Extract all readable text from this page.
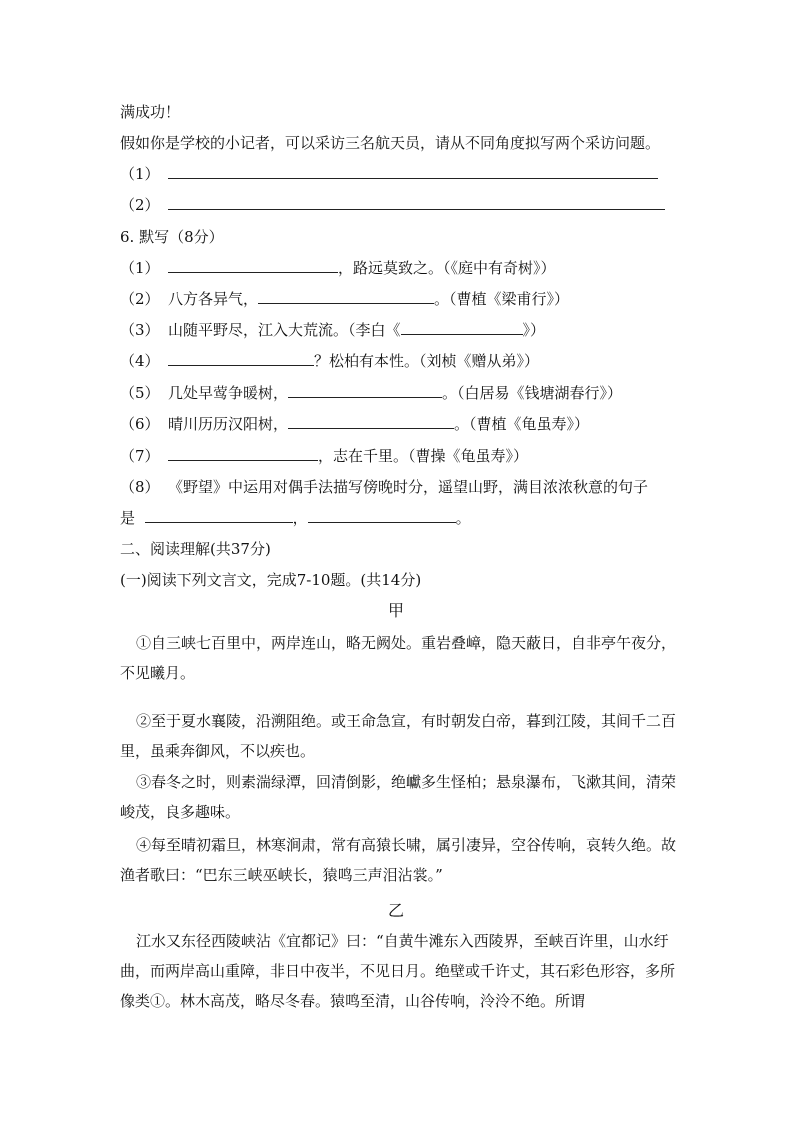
满成功！
假如你是学校的小记者，可以采访三名航天员，请从不同角度拟写两个采访问题。
（1）
（2）
6. 默写（8分）
（1）	，路远莫致之。（《庭中有奇树》）
（2） 八方各异气，	。（曹植《梁甫行》）
（3） 山随平野尽，江入大荒流。（李白《	》）
（4）	？松柏有本性。（刘桢《赠从弟》）
（5） 几处早莺争暖树，	。（白居易《钱塘湖春行》）
（6） 晴川历历汉阳树，	。（曹植《龟虽寿》）
（7）	，志在千里。（曹操《龟虽寿》）
（8） 《野望》中运用对偶手法描写傍晚时分，遥望山野，满目浓浓秋意的句子
是	，	。
二、阅读理解(共37分)
(一)阅读下列文言文，完成7-10题。(共14分)
甲
①自三峡七百里中，两岸连山，略无阙处。重岩叠嶂，隐天蔽日，自非亭午夜分，不见曦月。
②至于夏水襄陵，沿溯阻绝。或王命急宣，有时朝发白帝，暮到江陵，其间千二百里，虽乘奔御风，不以疾也。
③春冬之时，则素湍绿潭，回清倒影，绝巘多生怪柏；悬泉瀑布，飞漱其间，清荣峻茂，良多趣味。
④每至晴初霜旦，林寒涧肃，常有高猿长啸，属引凄异，空谷传响，哀转久绝。故渔者歌曰：“巴东三峡巫峡长，猿鸣三声泪沾裳。”
乙
江水又东径西陵峡沾《宜都记》曰：“自黄牛滩东入西陵界，至峡百许里，山水纡曲，而两岸高山重障，非日中夜半，不见日月。绝壁或千许丈，其石彩色形容，多所像类①。林木高茂，略尽冬春。猿鸣至清，山谷传响，泠泠不绝。所谓
